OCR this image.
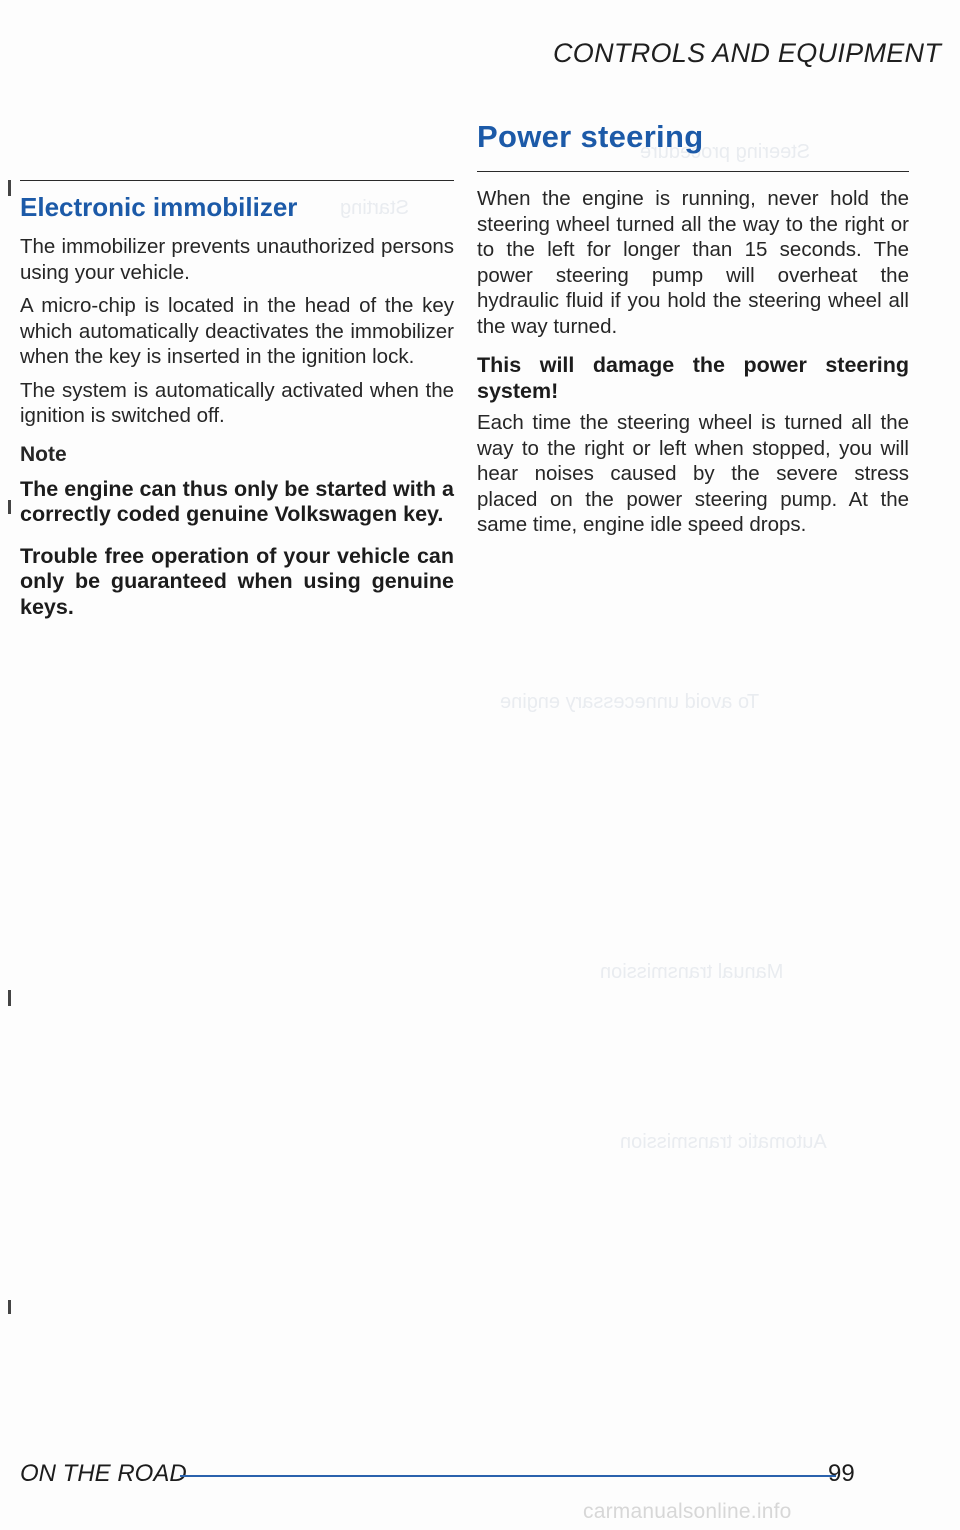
Steering procedure
Starting
To avoid unnecessary engine
Manual transmission
Automatic transmission
CONTROLS AND EQUIPMENT
Electronic immobilizer

The immobilizer prevents unauthorized persons using your vehicle.

A micro-chip is located in the head of the key which automatically deactivates the immobilizer when the key is inserted in the ignition lock.

The system is automatically activated when the ignition is switched off.

Note

The engine can thus only be started with a correctly coded genuine Volkswagen key.

Trouble free operation of your vehicle can only be guaranteed when using genuine keys.

Power steering

When the engine is running, never hold the steering wheel turned all the way to the right or to the left for longer than 15 seconds. The power steering pump will overheat the hydraulic fluid if you hold the steering wheel all the way turned.

This will damage the power steering system!

Each time the steering wheel is turned all the way to the right or left when stopped, you will hear noises caused by the severe stress placed on the power steering pump. At the same time, engine idle speed drops.

ON THE ROAD	99
carmanualsonline.info
